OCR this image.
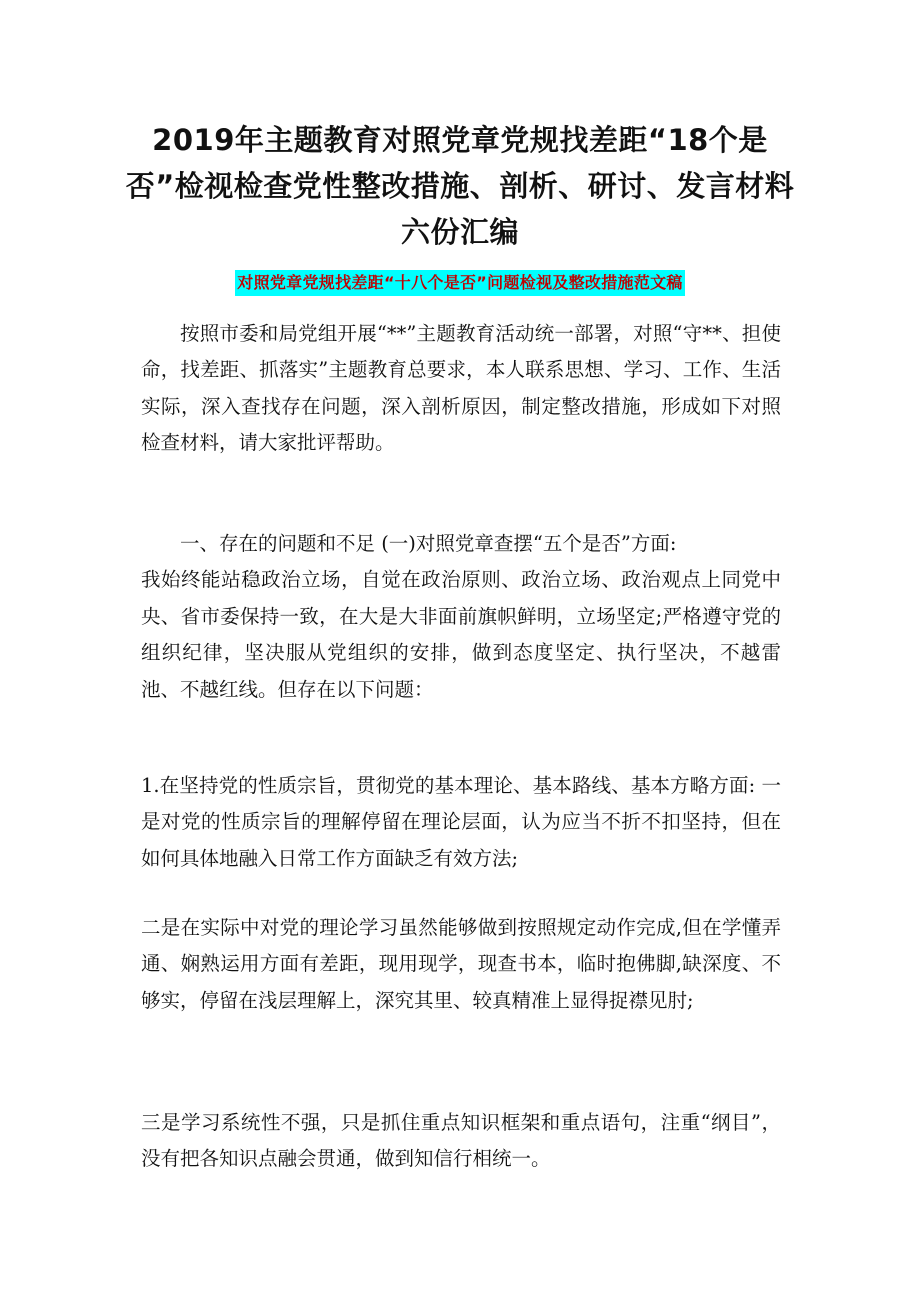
2019年主题教育对照党章党规找差距“18个是否”检视检查党性整改措施、剖析、研讨、发言材料六份汇编
对照党章党规找差距“十八个是否”问题检视及整改措施范文稿

按照市委和局党组开展“**”主题教育活动统一部署，对照“守**、担使命，找差距、抓落实”主题教育总要求，本人联系思想、学习、工作、生活实际，深入查找存在问题，深入剖析原因，制定整改措施，形成如下对照检查材料，请大家批评帮助。

一、存在的问题和不足 (一)对照党章查摆“五个是否”方面:
我始终能站稳政治立场，自觉在政治原则、政治立场、政治观点上同党中央、省市委保持一致，在大是大非面前旗帜鲜明，立场坚定;严格遵守党的组织纪律，坚决服从党组织的安排，做到态度坚定、执行坚决，不越雷池、不越红线。但存在以下问题：

1.在坚持党的性质宗旨，贯彻党的基本理论、基本路线、基本方略方面: 一是对党的性质宗旨的理解停留在理论层面，认为应当不折不扣坚持，但在如何具体地融入日常工作方面缺乏有效方法;

二是在实际中对党的理论学习虽然能够做到按照规定动作完成,但在学懂弄通、娴熟运用方面有差距，现用现学，现查书本，临时抱佛脚,缺深度、不够实，停留在浅层理解上，深究其里、较真精准上显得捉襟见肘;

三是学习系统性不强，只是抓住重点知识框架和重点语句，注重“纲目”，没有把各知识点融会贯通，做到知信行相统一。
